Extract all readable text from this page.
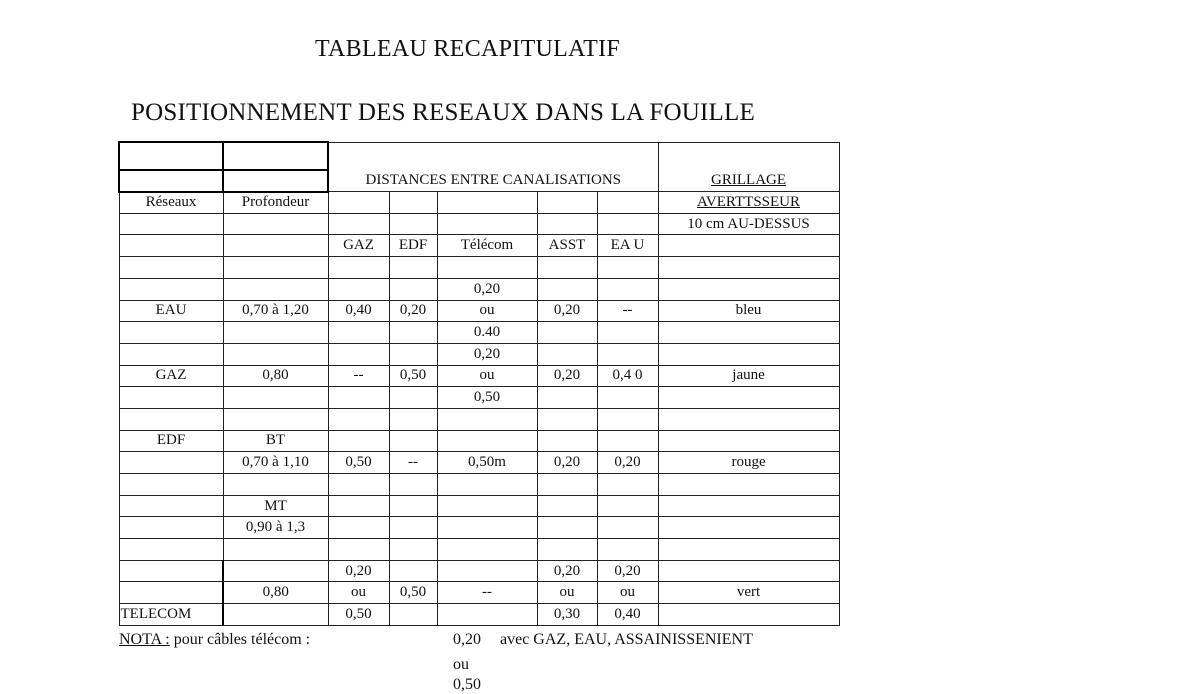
TABLEAU RECAPITULATIF
POSITIONNEMENT DES RESEAUX DANS LA FOUILLE

		DISTANCES ENTRE CANALISATIONS					GRILLAGE
Réseaux	Profondeur						AVERTTSSEUR
							10 cm AU-DESSUS
		GAZ	EDF	Télécom	ASST	EA U	

				0,20			
EAU	0,70 à 1,20	0,40	0,20	ou	0,20	--	bleu
				0.40			
				0,20			
GAZ	0,80	--	0,50	ou	0,20	0,4 0	jaune
				0,50			

EDF	BT						
	0,70 à 1,10	0,50	--	0,50m	0,20	0,20	rouge

	MT						
	0,90 à 1,3						

		0,20			0,20	0,20	
	0,80	ou	0,50	--	ou	ou	vert
TELECOM		0,50			0,30	0,40	
NOTA : pour câbles télécom :	0,20 avec GAZ, EAU, ASSAINISSENIENT
ou
0,50
